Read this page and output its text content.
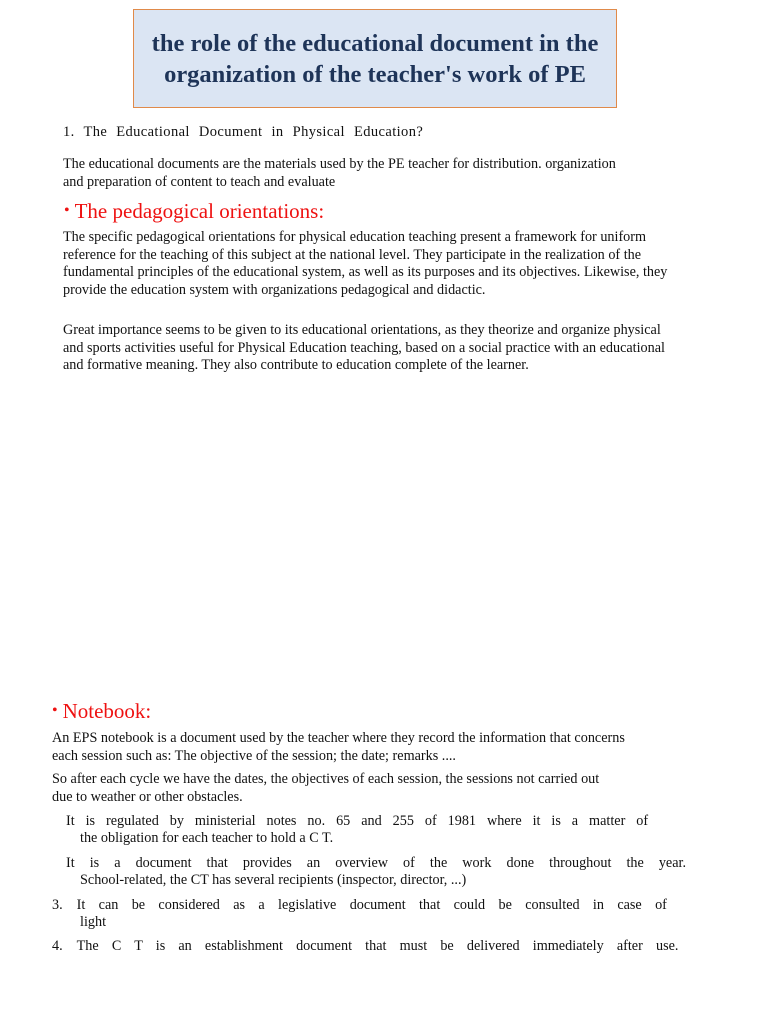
the role of the educational document in the organization of the teacher's work of PE
1. The Educational Document in Physical Education?
The educational documents are the materials used by the PE teacher for distribution. organization and preparation of content to teach and evaluate
• The pedagogical orientations:
The specific pedagogical orientations for physical education teaching present a framework for uniform reference for the teaching of this subject at the national level. They participate in the realization of the fundamental principles of the educational system, as well as its purposes and its objectives. Likewise, they provide the education system with organizations pedagogical and didactic.
Great importance seems to be given to its educational orientations, as they theorize and organize physical and sports activities useful for Physical Education teaching, based on a social practice with an educational and formative meaning. They also contribute to education complete of the learner.
• Notebook:
An EPS notebook is a document used by the teacher where they record the information that concerns each session such as: The objective of the session; the date; remarks ....
So after each cycle we have the dates, the objectives of each session, the sessions not carried out due to weather or other obstacles.
It is regulated by ministerial notes no. 65 and 255 of 1981 where it is a matter of
the obligation for each teacher to hold a C T.
It is a document that provides an overview of the work done throughout the year.
School-related, the CT has several recipients (inspector, director, ...)
3. It can be considered as a legislative document that could be consulted in case of
light
4. The C T is an establishment document that must be delivered immediately after use.
